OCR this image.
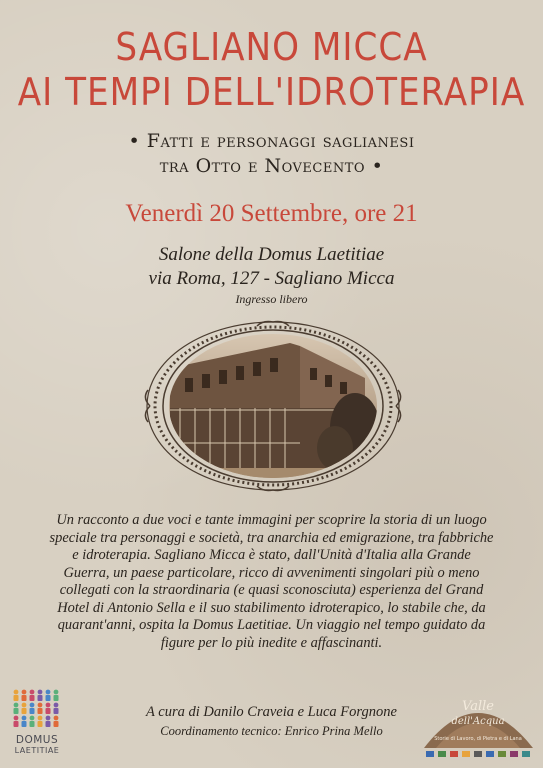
SAGLIANO MICCA
AI TEMPI DELL'IDROTERAPIA
• Fatti e personaggi saglianesi
tra Otto e Novecento •
Venerdì 20 Settembre, ore 21
Salone della Domus Laetitiae
via Roma, 127 - Sagliano Micca
Ingresso libero

Un racconto a due voci e tante immagini per scoprire la storia di un luogo speciale tra personaggi e società, tra anarchia ed emigrazione, tra fabbriche e idroterapia. Sagliano Micca è stato, dall'Unità d'Italia alla Grande Guerra, un paese particolare, ricco di avvenimenti singolari più o meno collegati con la straordinaria (e quasi sconosciuta) esperienza del Grand Hotel di Antonio Sella e il suo stabilimento idroterapico, lo stabile che, da quarant'anni, ospita la Domus Laetitiae. Un viaggio nel tempo guidato da figure per lo più inedite e affascinanti.

A cura di Danilo Craveia e Luca Forgnone
Coordinamento tecnico: Enrico Prina Mello
DOMUS
LAETITIAE
Valle
dell'Acqua
Storie di Lavoro, di Pietra e di Lana
